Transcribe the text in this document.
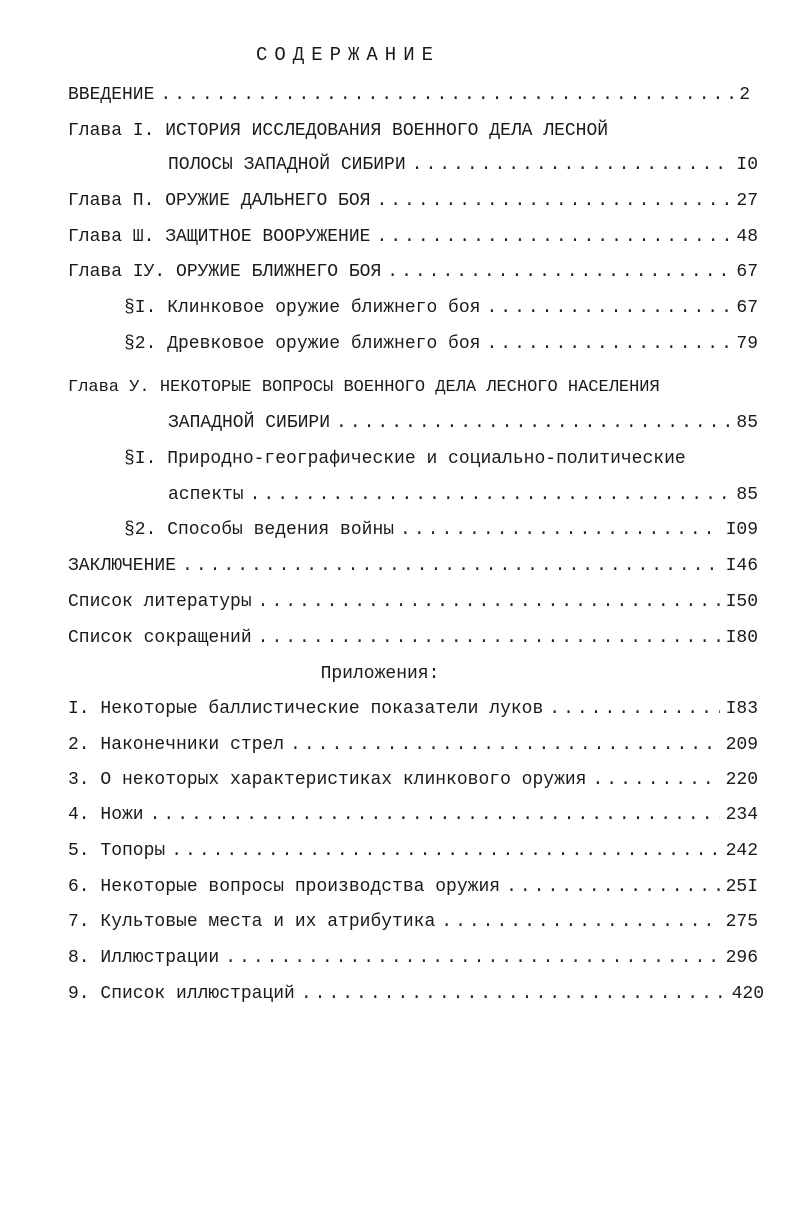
СОДЕРЖАНИЕ
ВВЕДЕНИЕ .....	2
Глава I. ИСТОРИЯ ИССЛЕДОВАНИЯ ВОЕННОГО ДЕЛА ЛЕСНОЙ
ПОЛОСЫ ЗАПАДНОЙ СИБИРИ .....	I0
Глава П. ОРУЖИЕ ДАЛЬНЕГО БОЯ .....	27
Глава Ш. ЗАЩИТНОЕ ВООРУЖЕНИЕ .....	48
Глава IУ. ОРУЖИЕ БЛИЖНЕГО БОЯ .....	67
§I. Клинковое оружие ближнего боя .....	67
§2. Древковое оружие ближнего боя .....	79
Глава У. НЕКОТОРЫЕ ВОПРОСЫ ВОЕННОГО ДЕЛА ЛЕСНОГО НАСЕЛЕНИЯ
ЗАПАДНОЙ СИБИРИ .....	85
§I. Природно-географические и социально-политические
аспекты .....	85
§2. Способы ведения войны .....	I09
ЗАКЛЮЧЕНИЕ .....	I46
Список литературы .....	I50
Список сокращений .....	I80
Приложения:
I. Некоторые баллистические показатели луков .....	I83
2. Наконечники стрел .....	209
3. О некоторых характеристиках клинкового оружия .....	220
4. Ножи .....	234
5. Топоры .....	242
6. Некоторые вопросы производства оружия .....	25I
7. Культовые места и их атрибутика .....	275
8. Иллюстрации .....	296
9. Список иллюстраций .....	420
